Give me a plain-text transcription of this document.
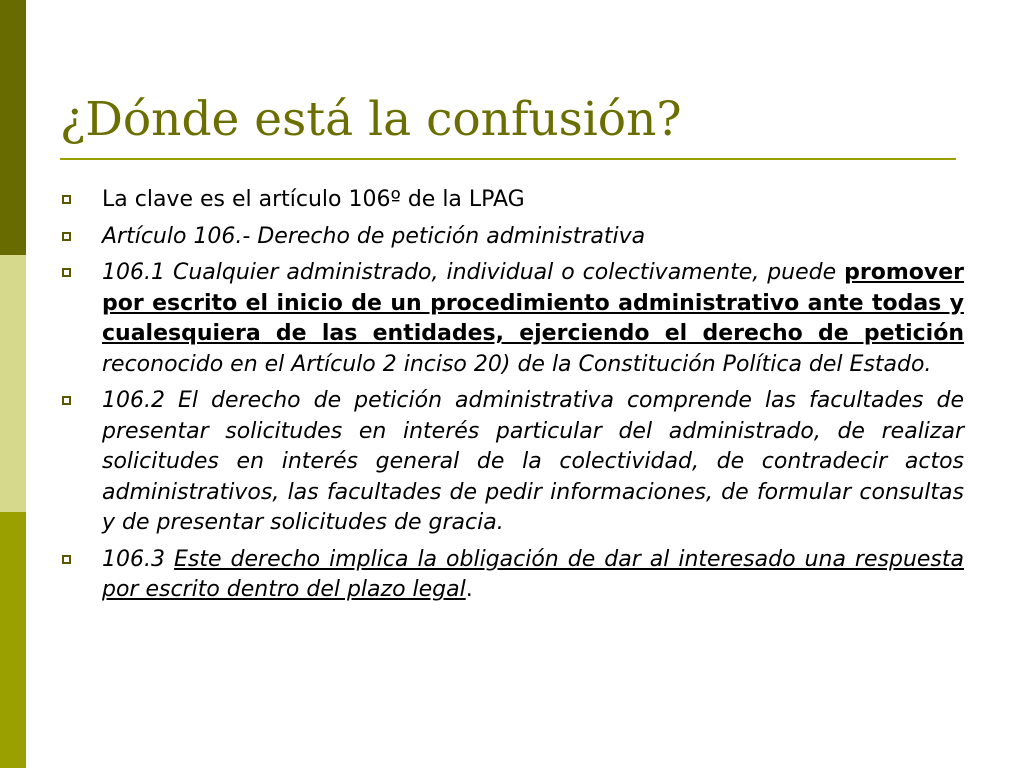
¿Dónde está la confusión?
La clave es el artículo 106º de la LPAG
Artículo 106.- Derecho de petición administrativa
106.1 Cualquier administrado, individual o colectivamente, puede promover por escrito el inicio de un procedimiento administrativo ante todas y cualesquiera de las entidades, ejerciendo el derecho de petición reconocido en el Artículo 2 inciso 20) de la Constitución Política del Estado.
106.2 El derecho de petición administrativa comprende las facultades de presentar solicitudes en interés particular del administrado, de realizar solicitudes en interés general de la colectividad, de contradecir actos administrativos, las facultades de pedir informaciones, de formular consultas y de presentar solicitudes de gracia.
106.3 Este derecho implica la obligación de dar al interesado una respuesta por escrito dentro del plazo legal.
